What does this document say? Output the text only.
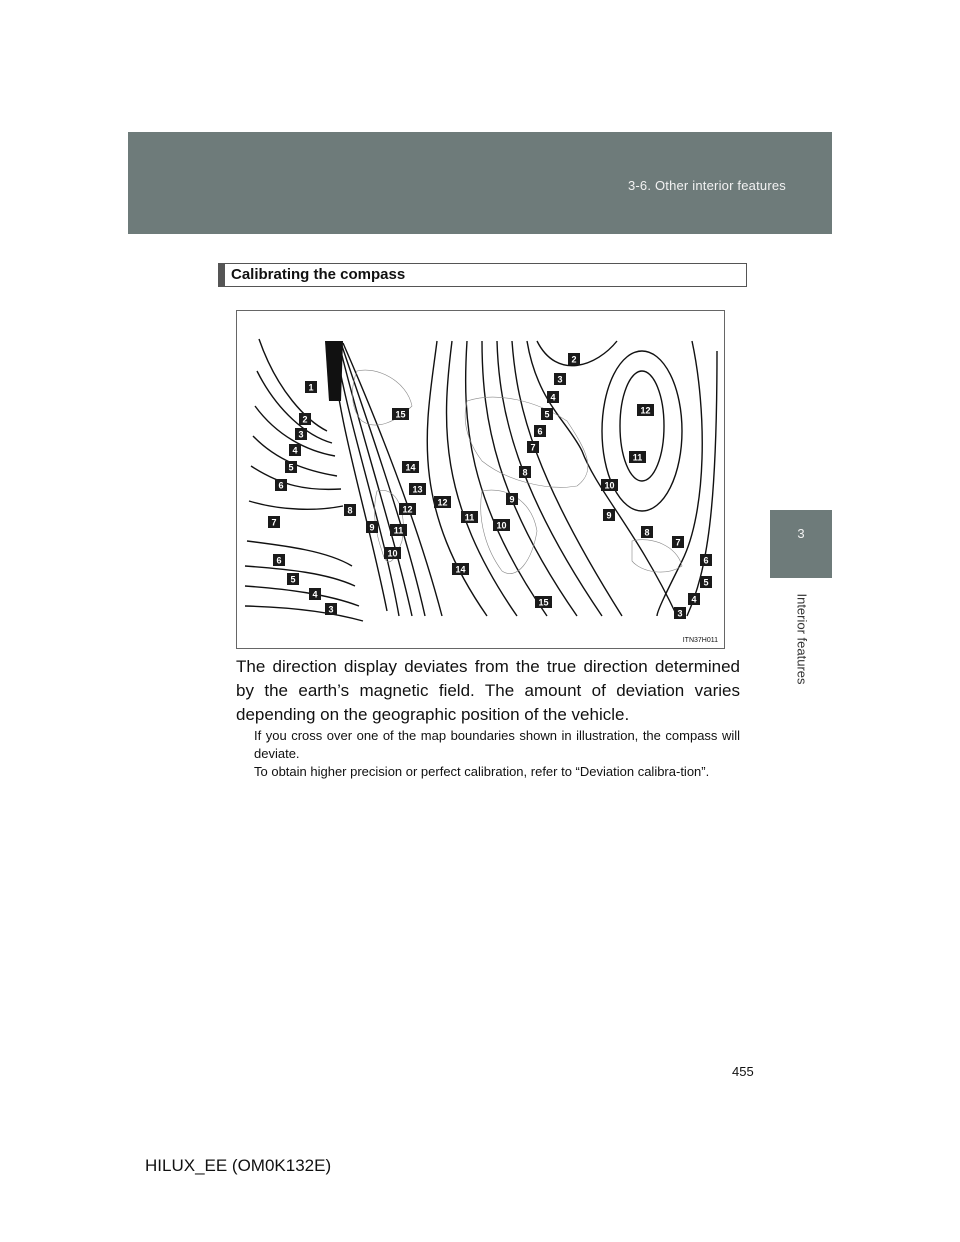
3-6. Other interior features
3
Interior features
Calibrating the compass
1
2
2
3
3
4
4
5
5
6
6
6	6
7
7
7
8
8
8
9
9
9
10
10
10
11
11
11
12
12
12
13
14
14
15
15
5	5
4	4
3	3
ITN37H011
The direction display deviates from the true direction determined by the earth’s magnetic field. The amount of deviation varies depending on the geographic position of the vehicle.
If you cross over one of the map boundaries shown in illustration, the compass will deviate.
To obtain higher precision or perfect calibration, refer to “Deviation calibra-tion”.
455
HILUX_EE (OM0K132E)
